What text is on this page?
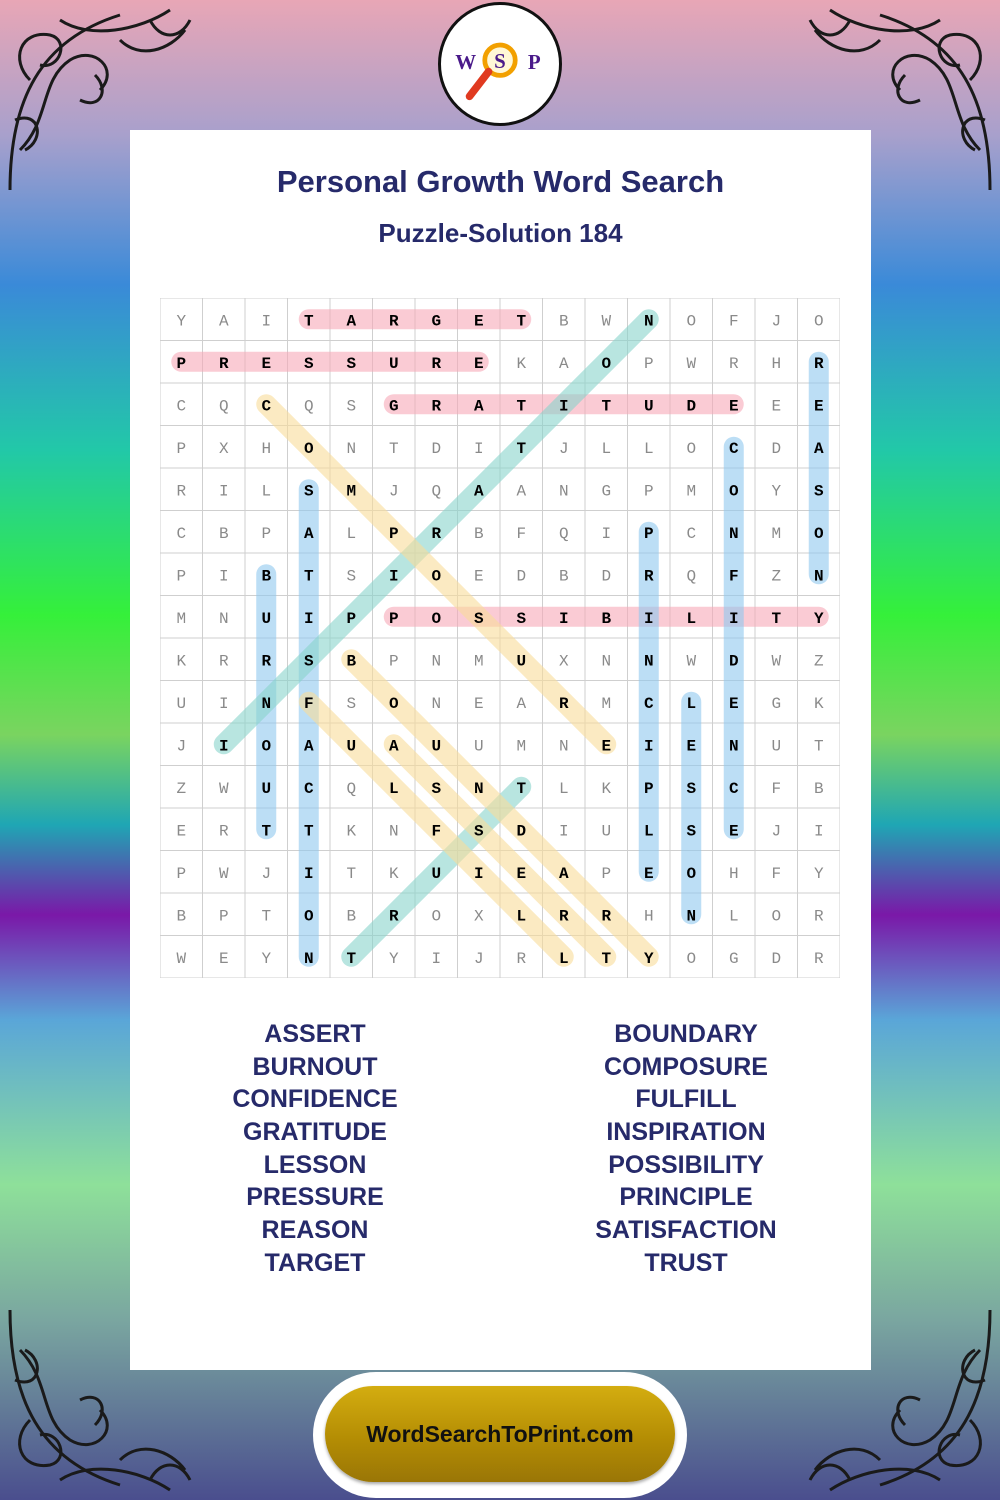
W S P
Personal Growth Word Search
Puzzle-Solution 184
Y A I T A R G E T B W N O F J O
P R E S S U R E K A O P W R H R
C Q C Q S G R A T I T U D E E E
P X H O N T D I T J L L O C D A
R I L S M J Q A A N G P M O Y S
C B P A L P R B F Q I P C N M O
P I B T S I O E D B D R Q F Z N
M N U I P P O S S I B I L I T Y
K R R S B P N M U X N N W D W Z
U I N F S O N E A R M C L E G K
J I O A U A U U M N E I E N U T
Z W U C Q L S N T L K P S C F B
E R T T K N F S D I U L S E J I
P W J I T K U I E A P E O H F Y
B P T O B R O X L R R H N L O R
W E Y N T Y I J R L T Y O G D R
ASSERT
BURNOUT
CONFIDENCE
GRATITUDE
LESSON
PRESSURE
REASON
TARGET
BOUNDARY
COMPOSURE
FULFILL
INSPIRATION
POSSIBILITY
PRINCIPLE
SATISFACTION
TRUST
WordSearchToPrint.com
